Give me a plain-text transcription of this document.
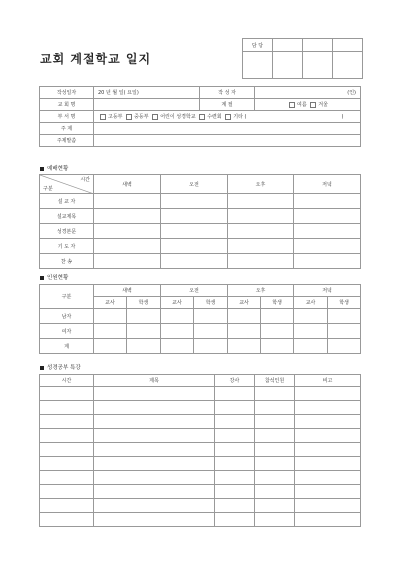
교회 계절학교 일지
담 당			

작성일자	20 년 월 일( 요일)	작 성 자	(인)
교 회 명		계 절	여름 겨울
부 서 명	고등부 중등부 어린이 성경학교 수련회 기타 ( )		
주 제			
주제말씀			
예배현황
시간
구분	새벽	오전	오후	저녁
설 교 자				
설교제목				
성경본문				
기 도 자				
찬 송				
인원현황
구분	새벽		오전		오후		저녁	
	교사	학생	교사	학생	교사	학생	교사	학생
남자								
여자								
계								
성경공부 특강
시간	제목	강사	참석인원	비고
